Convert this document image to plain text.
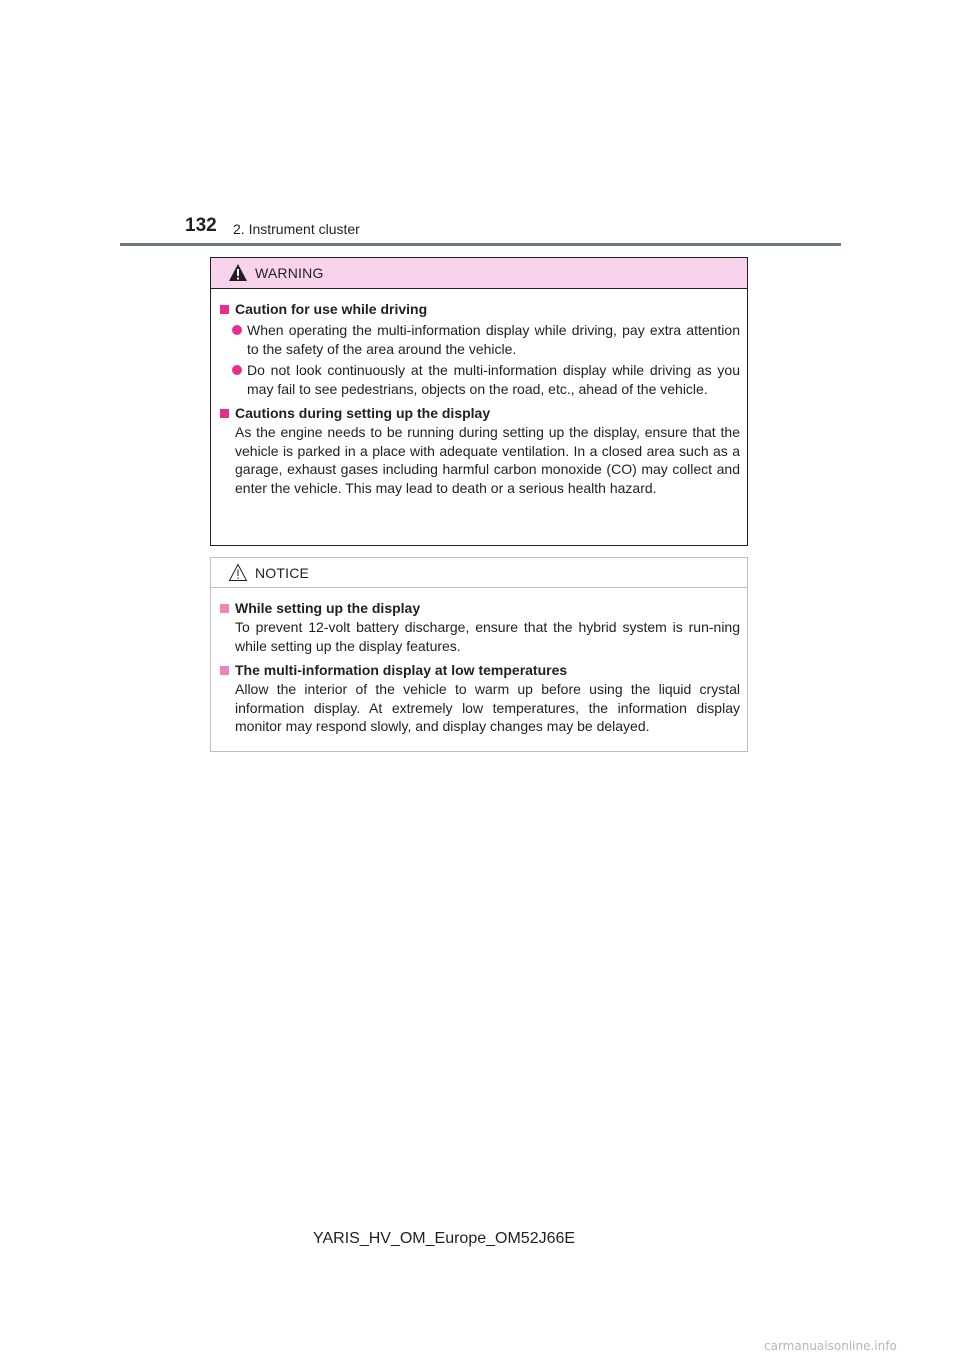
132 2. Instrument cluster
WARNING
Caution for use while driving
When operating the multi-information display while driving, pay extra attention to the safety of the area around the vehicle.
Do not look continuously at the multi-information display while driving as you may fail to see pedestrians, objects on the road, etc., ahead of the vehicle.
Cautions during setting up the display
As the engine needs to be running during setting up the display, ensure that the vehicle is parked in a place with adequate ventilation. In a closed area such as a garage, exhaust gases including harmful carbon monoxide (CO) may collect and enter the vehicle. This may lead to death or a serious health hazard.
NOTICE
While setting up the display
To prevent 12-volt battery discharge, ensure that the hybrid system is run-ning while setting up the display features.
The multi-information display at low temperatures
Allow the interior of the vehicle to warm up before using the liquid crystal information display. At extremely low temperatures, the information display monitor may respond slowly, and display changes may be delayed.
YARIS_HV_OM_Europe_OM52J66E
carmanualsonline.info
